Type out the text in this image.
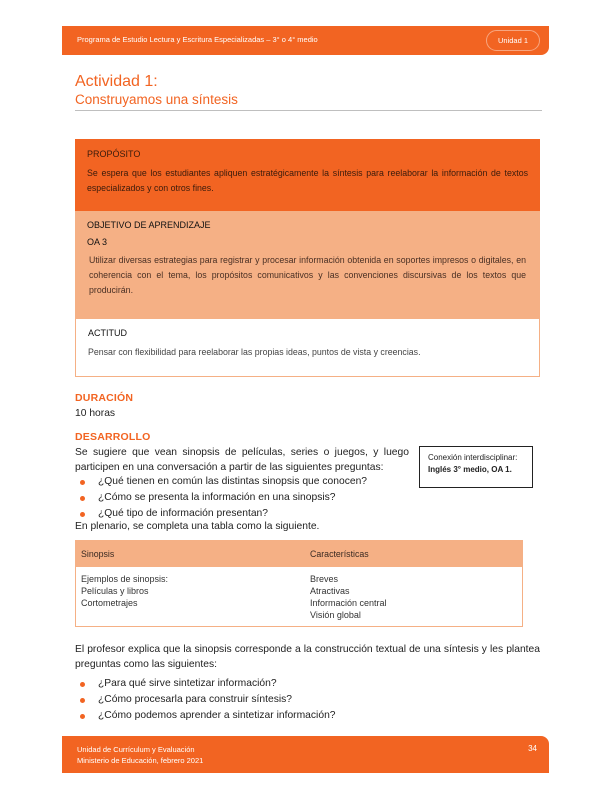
Programa de Estudio Lectura y Escritura Especializadas – 3° o 4° medio	Unidad 1
Actividad 1:
Construyamos una síntesis
PROPÓSITO
Se espera que los estudiantes apliquen estratégicamente la síntesis para reelaborar la información de textos especializados y con otros fines.
OBJETIVO DE APRENDIZAJE
OA 3
Utilizar diversas estrategias para registrar y procesar información obtenida en soportes impresos o digitales, en coherencia con el tema, los propósitos comunicativos y las convenciones discursivas de los textos que producirán.
ACTITUD
Pensar con flexibilidad para reelaborar las propias ideas, puntos de vista y creencias.
DURACIÓN
10 horas
DESARROLLO
Se sugiere que vean sinopsis de películas, series o juegos, y luego participen en una conversación a partir de las siguientes preguntas:
Conexión interdisciplinar:
Inglés 3° medio, OA 1.
¿Qué tienen en común las distintas sinopsis que conocen?
¿Cómo se presenta la información en una sinopsis?
¿Qué tipo de información presentan?
En plenario, se completa una tabla como la siguiente.
Sinopsis	Características
Ejemplos de sinopsis:
Películas y libros
Cortometrajes
Breves
Atractivas
Información central
Visión global
El profesor explica que la sinopsis corresponde a la construcción textual de una síntesis y les plantea preguntas como las siguientes:
¿Para qué sirve sintetizar información?
¿Cómo procesarla para construir síntesis?
¿Cómo podemos aprender a sintetizar información?
Unidad de Currículum y Evaluación
Ministerio de Educación, febrero 2021
34
